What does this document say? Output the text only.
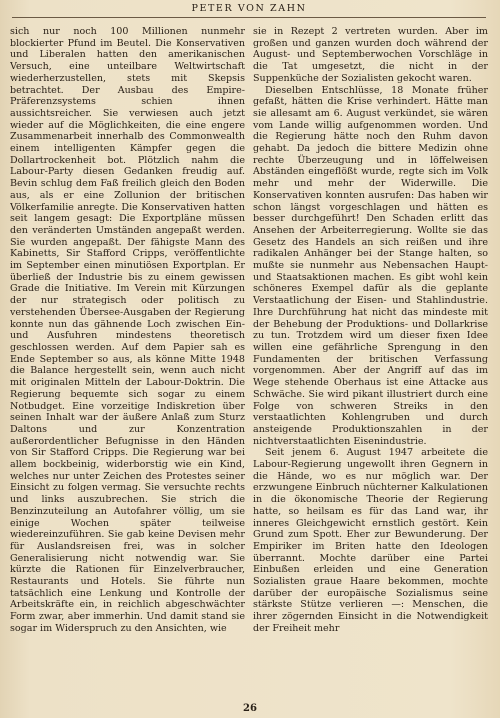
PETER VON ZAHN

sich nur noch 100 Millionen nunmehr blockierter Pfund im Beutel. Die Konservativen und Liberalen hatten den amerikanischen Versuch, eine unteilbare Weltwirtschaft wiederherzustellen, stets mit Skepsis betrachtet. Der Ausbau des Empire-Präferenzsystems schien ihnen aussichtsreicher. Sie verwiesen auch jetzt wieder auf die Möglichkeiten, die eine engere Zusammenarbeit innerhalb des Commonwealth einem intelligenten Kämpfer gegen die Dollartrockenheit bot. Plötzlich nahm die Labour-Party diesen Gedanken freudig auf. Bevin schlug dem Faß freilich gleich den Boden aus, als er eine Zollunion der britischen Völkerfamilie anregte. Die Konservativen hatten seit langem gesagt: Die Exportpläne müssen den veränderten Umständen angepaßt werden. Sie wurden angepaßt. Der fähigste Mann des Kabinetts, Sir Stafford Cripps, veröffentlichte im September einen minutiösen Exportplan. Er überließ der Industrie bis zu einem gewissen Grade die Initiative. Im Verein mit Kürzungen der nur strategisch oder politisch zu verstehenden Übersee-Ausgaben der Regierung konnte nun das gähnende Loch zwischen Ein- und Ausfuhren mindestens theoretisch geschlossen werden. Auf dem Papier sah es Ende September so aus, als könne Mitte 1948 die Balance hergestellt sein, wenn auch nicht mit originalen Mitteln der Labour-Doktrin. Die Regierung bequemte sich sogar zu einem Notbudget. Eine vorzeitige Indiskretion über seinen Inhalt war der äußere Anlaß zum Sturz Daltons und zur Konzentration außerordentlicher Befugnisse in den Händen von Sir Stafford Cripps. Die Regierung war bei allem bockbeinig, widerborstig wie ein Kind, welches nur unter Zeichen des Protestes seiner Einsicht zu folgen vermag. Sie versuchte rechts und links auszubrechen. Sie strich die Benzinzuteilung an Autofahrer völlig, um sie einige Wochen später teilweise wiedereinzuführen. Sie gab keine Devisen mehr für Auslandsreisen frei, was in solcher Generalisierung nicht notwendig war. Sie kürzte die Rationen für Einzelverbraucher, Restaurants und Hotels. Sie führte nun tatsächlich eine Lenkung und Kontrolle der Arbeitskräfte ein, in reichlich abgeschwächter Form zwar, aber immerhin. Und damit stand sie sogar im Widerspruch zu den Ansichten, wie

sie in Rezept 2 vertreten wurden. Aber im großen und ganzen wurden doch während der August- und Septemberwochen Vorschläge in die Tat umgesetzt, die nicht in der Suppenküche der Sozialisten gekocht waren.

Dieselben Entschlüsse, 18 Monate früher gefaßt, hätten die Krise verhindert. Hätte man sie allesamt am 6. August verkündet, sie wären vom Lande willig aufgenommen worden. Und die Regierung hätte noch den Ruhm davon gehabt. Da jedoch die bittere Medizin ohne rechte Überzeugung und in löffelweisen Abständen eingeflößt wurde, regte sich im Volk mehr und mehr der Widerwille. Die Konservativen konnten ausrufen: Das haben wir schon längst vorgeschlagen und hätten es besser durchgeführt! Den Schaden erlitt das Ansehen der Arbeiterregierung. Wollte sie das Gesetz des Handels an sich reißen und ihre radikalen Anhänger bei der Stange halten, so mußte sie nunmehr aus Nebensachen Haupt- und Staatsaktionen machen. Es gibt wohl kein schöneres Exempel dafür als die geplante Verstaatlichung der Eisen- und Stahlindustrie. Ihre Durchführung hat nicht das mindeste mit der Behebung der Produktions- und Dollarkrise zu tun. Trotzdem wird um dieser fixen Idee willen eine gefährliche Sprengung in den Fundamenten der britischen Verfassung vorgenommen. Aber der Angriff auf das im Wege stehende Oberhaus ist eine Attacke aus Schwäche. Sie wird pikant illustriert durch eine Folge von schweren Streiks in den verstaatlichten Kohlengruben und durch ansteigende Produktionszahlen in der nichtverstaatlichten Eisenindustrie.

Seit jenem 6. August 1947 arbeitete die Labour-Regierung ungewollt ihren Gegnern in die Hände, wo es nur möglich war. Der erzwungene Einbruch nüchterner Kalkulationen in die ökonomische Theorie der Regierung hatte, so heilsam es für das Land war, ihr inneres Gleichgewicht ernstlich gestört. Kein Grund zum Spott. Eher zur Bewunderung. Der Empiriker im Briten hatte den Ideologen überrannt. Mochte darüber eine Partei Einbußen erleiden und eine Generation Sozialisten graue Haare bekommen, mochte darüber der europäische Sozialismus seine stärkste Stütze verlieren —: Menschen, die ihrer zögernden Einsicht in die Notwendigkeit der Freiheit mehr

26
